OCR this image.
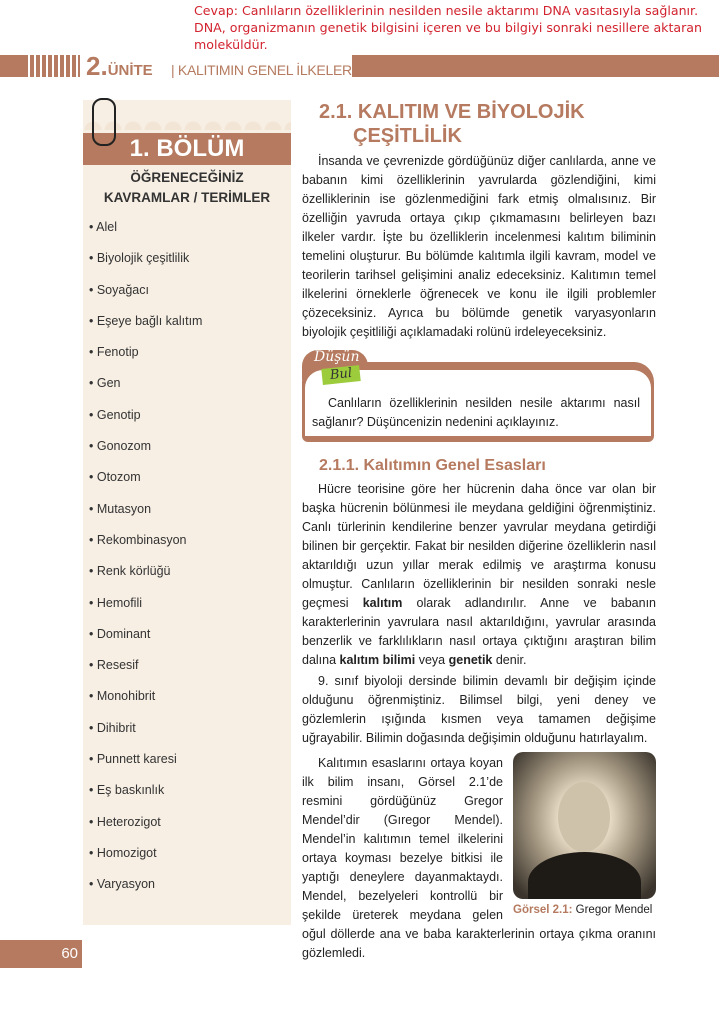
Cevap: Canlıların özelliklerinin nesilden nesile aktarımı DNA vasıtasıyla sağlanır. DNA, organizmanın genetik bilgisini içeren ve bu bilgiyi sonraki nesillere aktaran moleküldür.
2.ÜNİTE | KALITIMIN GENEL İLKELERİ
1. BÖLÜM
ÖĞRENECEĞİNİZ
KAVRAMLAR / TERİMLER
• Alel
• Biyolojik çeşitlilik
• Soyağacı
• Eşeye bağlı kalıtım
• Fenotip
• Gen
• Genotip
• Gonozom
• Otozom
• Mutasyon
• Rekombinasyon
• Renk körlüğü
• Hemofili
• Dominant
• Resesif
• Monohibrit
• Dihibrit
• Punnett karesi
• Eş baskınlık
• Heterozigot
• Homozigot
• Varyasyon
2.1. KALITIM VE BİYOLOJİK
ÇEŞİTLİLİK

İnsanda ve çevrenizde gördüğünüz diğer canlılarda, anne ve babanın kimi özelliklerinin yavrularda gözlendiğini, kimi özelliklerinin ise gözlenmediğini fark etmiş olmalısınız. Bir özelliğin yavruda ortaya çıkıp çıkmamasını belirleyen bazı ilkeler vardır. İşte bu özelliklerin incelenmesi kalıtım biliminin temelini oluşturur. Bu bölümde kalıtımla ilgili kavram, model ve teorilerin tarihsel gelişimini analiz edeceksiniz. Kalıtımın temel ilkelerini örneklerle öğrenecek ve konu ile ilgili problemler çözeceksiniz. Ayrıca bu bölümde genetik varyasyonların biyolojik çeşitliliği açıklamadaki rolünü irdeleyeceksiniz.

Düşün
Bul

Canlıların özelliklerinin nesilden nesile aktarımı nasıl sağlanır? Düşüncenizin nedenini açıklayınız.

2.1.1. Kalıtımın Genel Esasları

Hücre teorisine göre her hücrenin daha önce var olan bir başka hücrenin bölünmesi ile meydana geldiğini öğrenmiştiniz. Canlı türlerinin kendilerine benzer yavrular meydana getirdiği bilinen bir gerçektir. Fakat bir nesilden diğerine özelliklerin nasıl aktarıldığı uzun yıllar merak edilmiş ve araştırma konusu olmuştur. Canlıların özelliklerinin bir nesilden sonraki nesle geçmesi kalıtım olarak adlandırılır. Anne ve babanın karakterlerinin yavrulara nasıl aktarıldığını, yavrular arasında benzerlik ve farklılıkların nasıl ortaya çıktığını araştıran bilim dalına kalıtım bilimi veya genetik denir.

9. sınıf biyoloji dersinde bilimin devamlı bir değişim içinde olduğunu öğrenmiştiniz. Bilimsel bilgi, yeni deney ve gözlemlerin ışığında kısmen veya tamamen değişime uğrayabilir. Bilimin doğasında değişimin olduğunu hatırlayalım.

Görsel 2.1: Gregor Mendel

Kalıtımın esaslarını ortaya koyan ilk bilim insanı, Görsel 2.1’de resmini gördüğünüz Gregor Mendel’dir (Gıregor Mendel). Mendel’in kalıtımın temel ilkelerini ortaya koyması bezelye bitkisi ile yaptığı deneylere dayanmaktaydı. Mendel, bezelyeleri kontrollü bir şekilde üreterek meydana gelen oğul döllerde ana ve baba karakterlerinin ortaya çıkma oranını gözlemledi.

60
